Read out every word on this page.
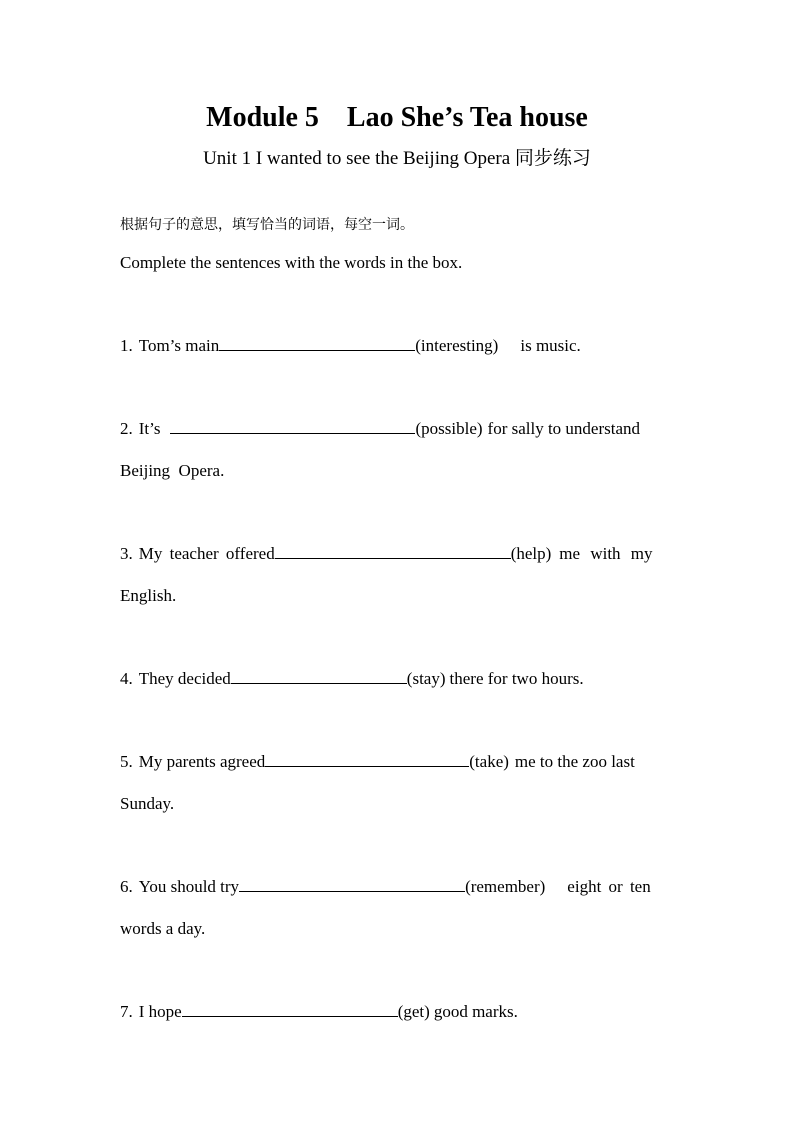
Module 5    Lao She’s Tea house
Unit 1 I wanted to see the Beijing Opera 同步练习
根据句子的意思，填写恰当的词语，每空一词。
Complete the sentences with the words in the box.
1. Tom’s main	(interesting) is music.
2. It’s	(possible) for sally to understand
Beijing  Opera.
3. My teacher offered	(help) me with my
English.
4. They decided	(stay) there for two hours.
5. My parents agreed	(take) me to the zoo last
Sunday.
6. You should try	(remember) eight or ten
words a day.
7. I hope	(get) good marks.
